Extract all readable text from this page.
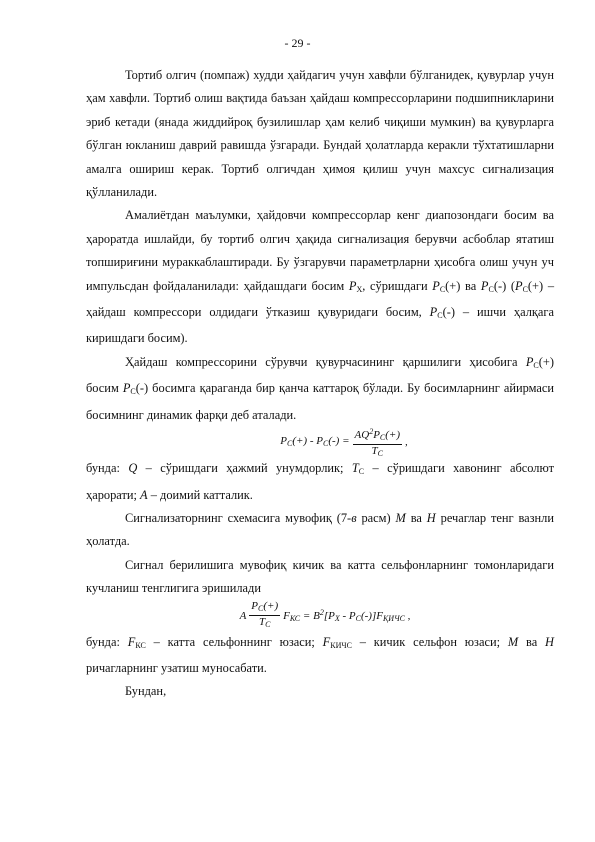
- 29 -

Тортиб олгич (помпаж) худди ҳайдагич учун хавфли бўлганидек, қувурлар учун ҳам хавфли. Тортиб олиш вақтида баъзан ҳайдаш компрессорларини подшипникларини эриб кетади (янада жиддийроқ бузилишлар ҳам келиб чиқиши мумкин) ва қувурларга бўлган юкланиш даврий равишда ўзгаради. Бундай ҳолатларда керакли тўхтатишларни амалга ошириш керак. Тортиб олгичдан ҳимоя қилиш учун махсус сигнализация қўлланилади.

Амалиётдан маълумки, ҳайдовчи компрессорлар кенг диапозондаги босим ва ҳароратда ишлайди, бу тортиб олгич ҳақида сигнализация берувчи асбоблар ятатиш топшириғини мураккаблаштиради. Бу ўзгарувчи параметрларни ҳисобга олиш учун уч импульсдан фойдаланилади: ҳайдашдаги босим $P_Х$, сўришдаги $P_С(+)$ ва $P_С(-)$ ($P_С(+)$ – ҳайдаш компрессори олдидаги ўтказиш қувуридаги босим, $P_С(-)$ – ишчи ҳалқага киришдаги босим).

Ҳайдаш компрессорини сўрувчи қувурчасининг қаршилиги ҳисобига $P_С(+)$ босим $P_С(-)$ босимга қараганда бир қанча каттароқ бўлади. Бу босимларнинг айирмаси босимнинг динамик фарқи деб аталади.

$P_С(+) - P_С(-) = \frac{AQ^2P_С(+)}{T_С}$ ,

бунда: Q – сўришдаги ҳажмий унумдорлик; $T_С$ – сўришдаги хавонинг абсолют ҳарорати; A – доимий катталик.

Сигнализаторнинг схемасига мувофиқ (7-в расм) M ва Н речаглар тенг вазнли ҳолатда.

Сигнал берилишига мувофиқ кичик ва катта сельфонларнинг томонларидаги кучланиш тенглигига эришилади

A $\frac{P_С(+)}{T_С} F_{КС} = B^2[P_Х - P_С(-)]F_{ҚИЧС}$ ,

бунда: $F_{КС}$ – катта сельфоннинг юзаси; $F_{КИЧС}$ – кичик сельфон юзаси; M ва Н ричагларнинг узатиш муносабати.

Бундан,
